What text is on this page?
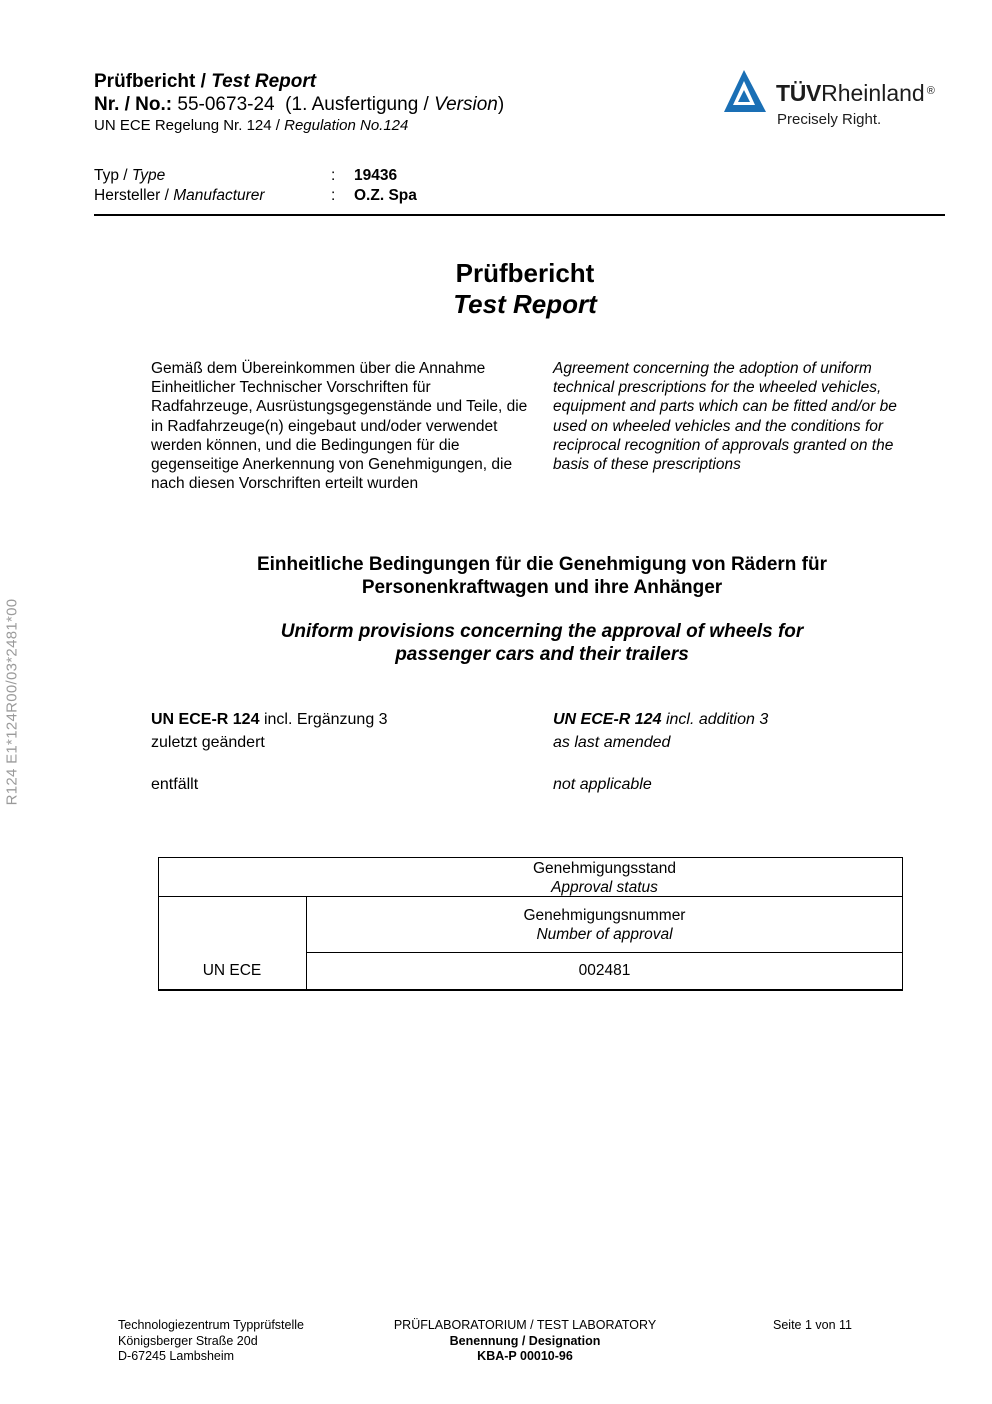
Prüfbericht / Test Report
Nr. / No.: 55-0673-24 (1. Ausfertigung / Version)
UN ECE Regelung Nr. 124 / Regulation No.124
TÜVRheinland ®
Precisely Right.
Typ / Type	: 19436
Hersteller / Manufacturer	: O.Z. Spa
Prüfbericht
Test Report
Gemäß dem Übereinkommen über die Annahme Einheitlicher Technischer Vorschriften für Radfahrzeuge, Ausrüstungsgegenstände und Teile, die in Radfahrzeuge(n) eingebaut und/oder verwendet werden können, und die Bedingungen für die gegenseitige Anerkennung von Genehmigungen, die nach diesen Vorschriften erteilt wurden
Agreement concerning the adoption of uniform technical prescriptions for the wheeled vehicles, equipment and parts which can be fitted and/or be used on wheeled vehicles and the conditions for reciprocal recognition of approvals granted on the basis of these prescriptions
Einheitliche Bedingungen für die Genehmigung von Rädern für
Personenkraftwagen und ihre Anhänger
Uniform provisions concerning the approval of wheels for
passenger cars and their trailers
UN ECE-R 124 incl. Ergänzung 3	UN ECE-R 124 incl. addition 3
zuletzt geändert	as last amended
entfällt	not applicable
Genehmigungsstand
Approval status
Genehmigungsnummer
Number of approval
UN ECE	002481
Technologiezentrum Typprüfstelle
Königsberger Straße 20d
D-67245 Lambsheim
PRÜFLABORATORIUM / TEST LABORATORY
Benennung / Designation
KBA-P 00010-96
Seite 1 von 11
R124 E1*124R00/03*2481*00
